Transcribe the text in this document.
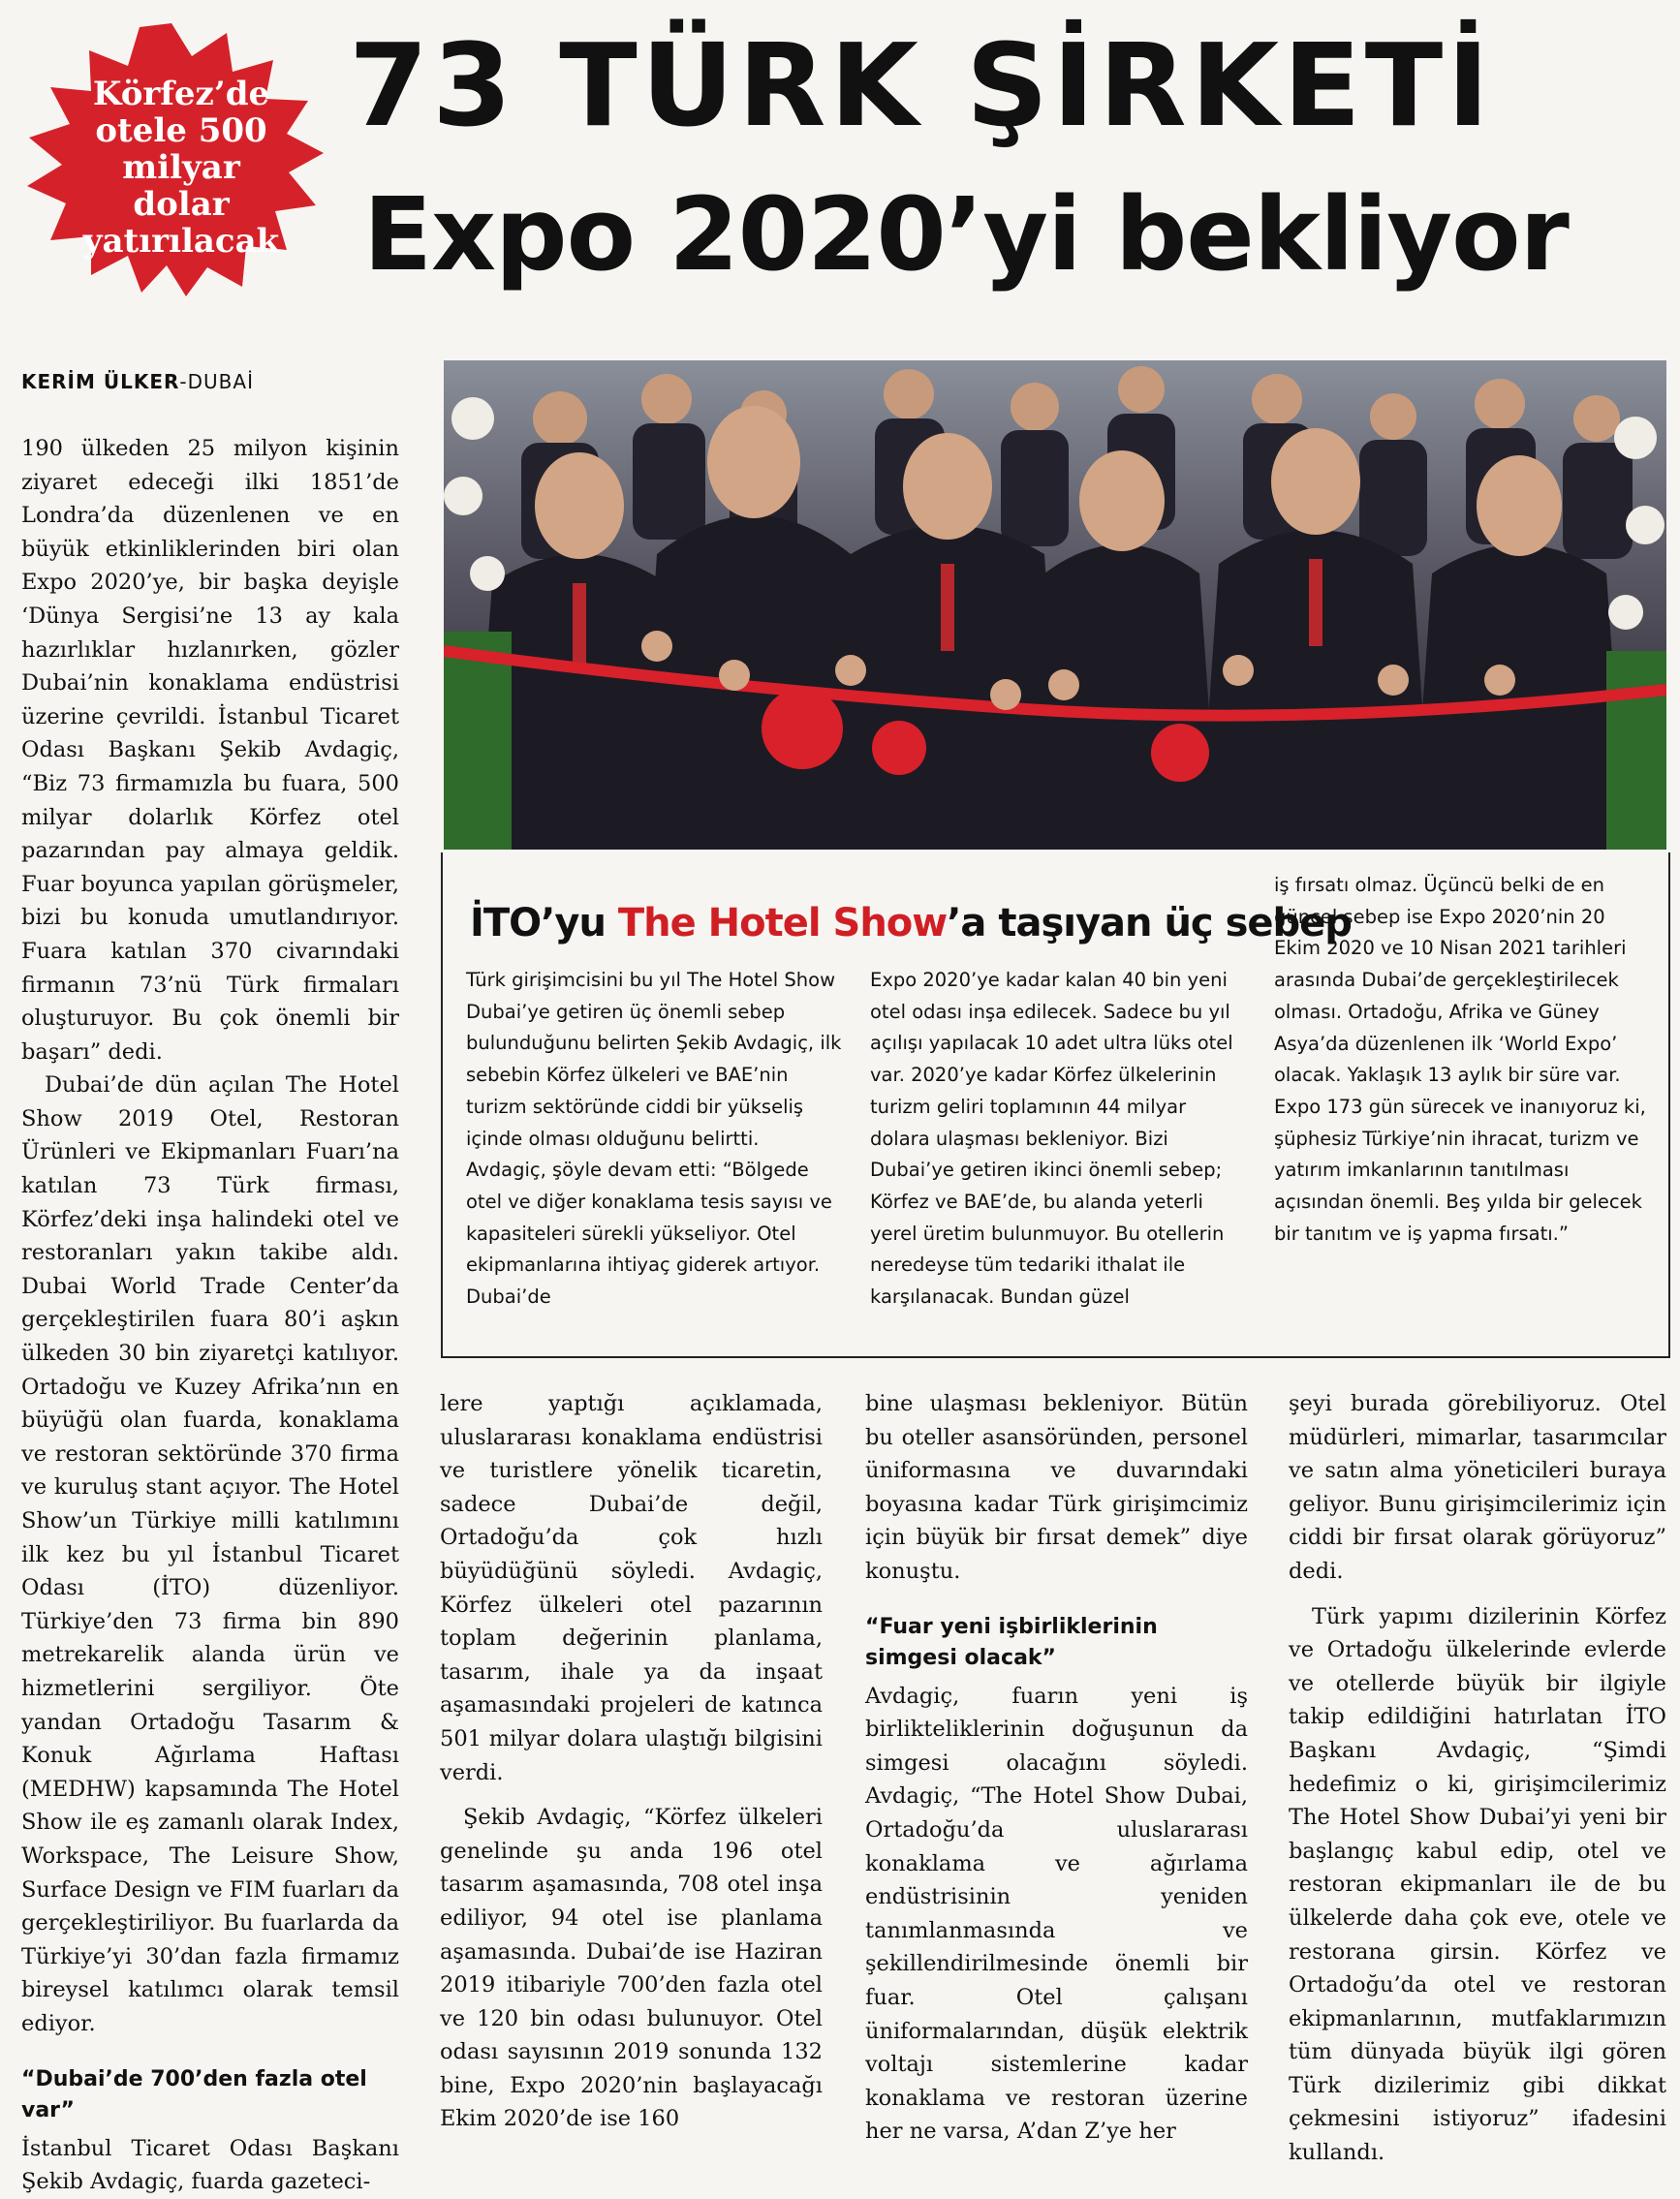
Körfez’de
otele 500
milyar dolar
yatırılacak
73 TÜRK ŞİRKETİ
Expo 2020’yi bekliyor
KERİM ÜLKER-DUBAİ

190 ülkeden 25 milyon kişinin ziyaret edeceği ilki 1851’de Londra’da düzenlenen ve en büyük etkinliklerinden biri olan Expo 2020’ye, bir başka deyişle ‘Dünya Sergisi’ne 13 ay kala hazırlıklar hızlanırken, gözler Dubai’nin konaklama endüstrisi üzerine çevrildi. İstanbul Ticaret Odası Başkanı Şekib Avdagiç, “Biz 73 firmamızla bu fuara, 500 milyar dolarlık Körfez otel pazarından pay almaya geldik. Fuar boyunca yapılan görüşmeler, bizi bu konuda umutlandırıyor. Fuara katılan 370 civarındaki firmanın 73’nü Türk firmaları oluşturuyor. Bu çok önemli bir başarı” dedi.

Dubai’de dün açılan The Hotel Show 2019 Otel, Restoran Ürünleri ve Ekipmanları Fuarı’na katılan 73 Türk firması, Körfez’deki inşa halindeki otel ve restoranları yakın takibe aldı. Dubai World Trade Center’da gerçekleştirilen fuara 80’i aşkın ülkeden 30 bin ziyaretçi katılıyor. Ortadoğu ve Kuzey Afrika’nın en büyüğü olan fuarda, konaklama ve restoran sektöründe 370 firma ve kuruluş stant açıyor. The Hotel Show’un Türkiye milli katılımını ilk kez bu yıl İstanbul Ticaret Odası (İTO) düzenliyor. Türkiye’den 73 firma bin 890 metrekarelik alanda ürün ve hizmetlerini sergiliyor. Öte yandan Ortadoğu Tasarım & Konuk Ağırlama Haftası (MEDHW) kapsamında The Hotel Show ile eş zamanlı olarak Index, Workspace, The Leisure Show, Surface Design ve FIM fuarları da gerçekleştiriliyor. Bu fuarlarda da Türkiye’yi 30’dan fazla firmamız bireysel katılımcı olarak temsil ediyor.

“Dubai’de 700’den fazla otel var”

İstanbul Ticaret Odası Başkanı Şekib Avdagiç, fuarda gazeteci-

İTO’yu The Hotel Show’a taşıyan üç sebep

Türk girişimcisini bu yıl The Hotel Show Dubai’ye getiren üç önemli sebep bulunduğunu belirten Şekib Avdagiç, ilk sebebin Körfez ülkeleri ve BAE’nin turizm sektöründe ciddi bir yükseliş içinde olması olduğunu belirtti. Avdagiç, şöyle devam etti: “Bölgede otel ve diğer konaklama tesis sayısı ve kapasiteleri sürekli yükseliyor. Otel ekipmanlarına ihtiyaç giderek artıyor. Dubai’de

Expo 2020’ye kadar kalan 40 bin yeni otel odası inşa edilecek. Sadece bu yıl açılışı yapılacak 10 adet ultra lüks otel var. 2020’ye kadar Körfez ülkelerinin turizm geliri toplamının 44 milyar dolara ulaşması bekleniyor. Bizi Dubai’ye getiren ikinci önemli sebep; Körfez ve BAE’de, bu alanda yeterli yerel üretim bulunmuyor. Bu otellerin neredeyse tüm tedariki ithalat ile karşılanacak. Bundan güzel

iş fırsatı olmaz. Üçüncü belki de en güncel sebep ise Expo 2020’nin 20 Ekim 2020 ve 10 Nisan 2021 tarihleri arasında Dubai’de gerçekleştirilecek olması. Ortadoğu, Afrika ve Güney Asya’da düzenlenen ilk ‘World Expo’ olacak. Yaklaşık 13 aylık bir süre var. Expo 173 gün sürecek ve inanıyoruz ki, şüphesiz Türkiye’nin ihracat, turizm ve yatırım imkanlarının tanıtılması açısından önemli. Beş yılda bir gelecek bir tanıtım ve iş yapma fırsatı.”

lere yaptığı açıklamada, uluslararası konaklama endüstrisi ve turistlere yönelik ticaretin, sadece Dubai’de değil, Ortadoğu’da çok hızlı büyüdüğünü söyledi. Avdagiç, Körfez ülkeleri otel pazarının toplam değerinin planlama, tasarım, ihale ya da inşaat aşamasındaki projeleri de katınca 501 milyar dolara ulaştığı bilgisini verdi.

Şekib Avdagiç, “Körfez ülkeleri genelinde şu anda 196 otel tasarım aşamasında, 708 otel inşa ediliyor, 94 otel ise planlama aşamasında. Dubai’de ise Haziran 2019 itibariyle 700’den fazla otel ve 120 bin odası bulunuyor. Otel odası sayısının 2019 sonunda 132 bine, Expo 2020’nin başlayacağı Ekim 2020’de ise 160

bine ulaşması bekleniyor. Bütün bu oteller asansöründen, personel üniformasına ve duvarındaki boyasına kadar Türk girişimcimiz için büyük bir fırsat demek” diye konuştu.

“Fuar yeni işbirliklerinin simgesi olacak”

Avdagiç, fuarın yeni iş birlikteliklerinin doğuşunun da simgesi olacağını söyledi. Avdagiç, “The Hotel Show Dubai, Ortadoğu’da uluslararası konaklama ve ağırlama endüstrisinin yeniden tanımlanmasında ve şekillendirilmesinde önemli bir fuar. Otel çalışanı üniformalarından, düşük elektrik voltajı sistemlerine kadar konaklama ve restoran üzerine her ne varsa, A’dan Z’ye her

şeyi burada görebiliyoruz. Otel müdürleri, mimarlar, tasarımcılar ve satın alma yöneticileri buraya geliyor. Bunu girişimcilerimiz için ciddi bir fırsat olarak görüyoruz” dedi.

Türk yapımı dizilerinin Körfez ve Ortadoğu ülkelerinde evlerde ve otellerde büyük bir ilgiyle takip edildiğini hatırlatan İTO Başkanı Avdagiç, “Şimdi hedefimiz o ki, girişimcilerimiz The Hotel Show Dubai’yi yeni bir başlangıç kabul edip, otel ve restoran ekipmanları ile de bu ülkelerde daha çok eve, otele ve restorana girsin. Körfez ve Ortadoğu’da otel ve restoran ekipmanlarının, mutfaklarımızın tüm dünyada büyük ilgi gören Türk dizilerimiz gibi dikkat çekmesini istiyoruz” ifadesini kullandı.
